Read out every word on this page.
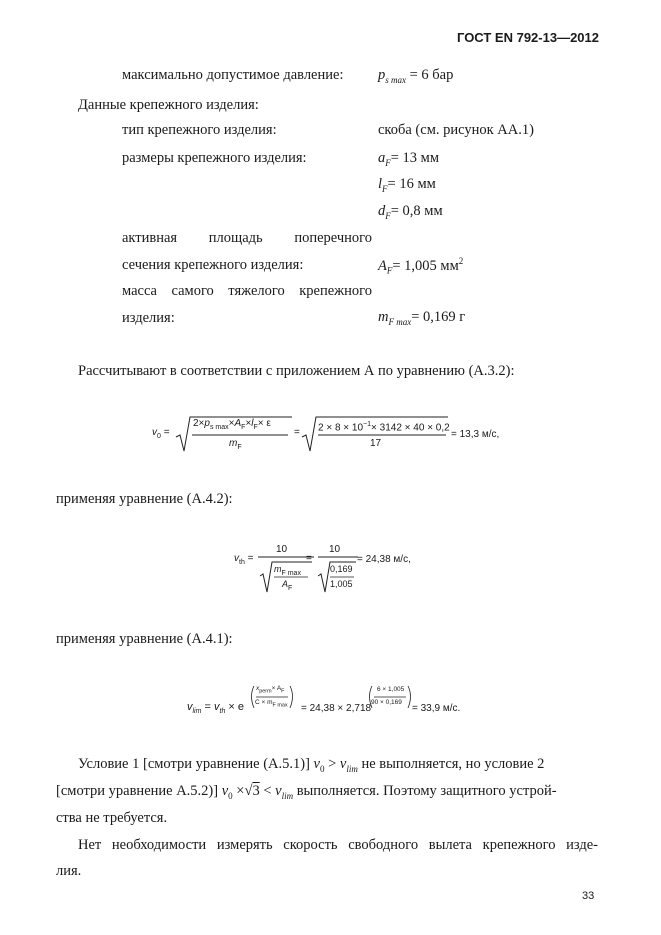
ГОСТ EN 792-13—2012
максимально допустимое давление: $p_{s max} = 6$ бар
Данные крепежного изделия:
тип крепежного изделия:	скоба (см. рисунок АА.1)
размеры крепежного изделия:	$a_F= 13$ мм
$l_F= 16$ мм
$d_F= 0,8$ мм
активная площадь поперечного
сечения крепежного изделия:	$A_F= 1,005$ $мм^2$
масса самого тяжелого крепежного
изделия:	$m_{F max}= 0,169$ г
Рассчитывают в соответствии с приложением А по уравнению (А.3.2):
$v_0$ =
$2\times p_{s max}\times A_F\times l_F\times \varepsilon$
$m_F$
= $2 \times 8 \times 10^{-1}\times 3142 \times 40 \times 0,2$
17
= 13,3 м/с,
применяя уравнение (А.4.2):
$v_{th}$ =
10
$m_{F max}$
$A_F$
=
10
0,169
1,005
= 24,38 м/с,
применяя уравнение (А.4.1):
$v_{lim} = v_{th} \times e$
$x_{perm}\times A_F$
$C \times m_{F max} = 24,38 \times 2,718$
6 × 1,005
90 × 0,169
= 33,9 м/с.
Условие 1 [смотри уравнение (А.5.1)] $v_0 > v_{lim}$ не выполняется, но условие 2
[смотри уравнение А.5.2)] $v_0 \times√3 < v_{lim}$ выполняется. Поэтому защитного устрой-
ства не требуется.
Нет необходимости измерять скорость свободного вылета крепежного изде-
лия.
33
